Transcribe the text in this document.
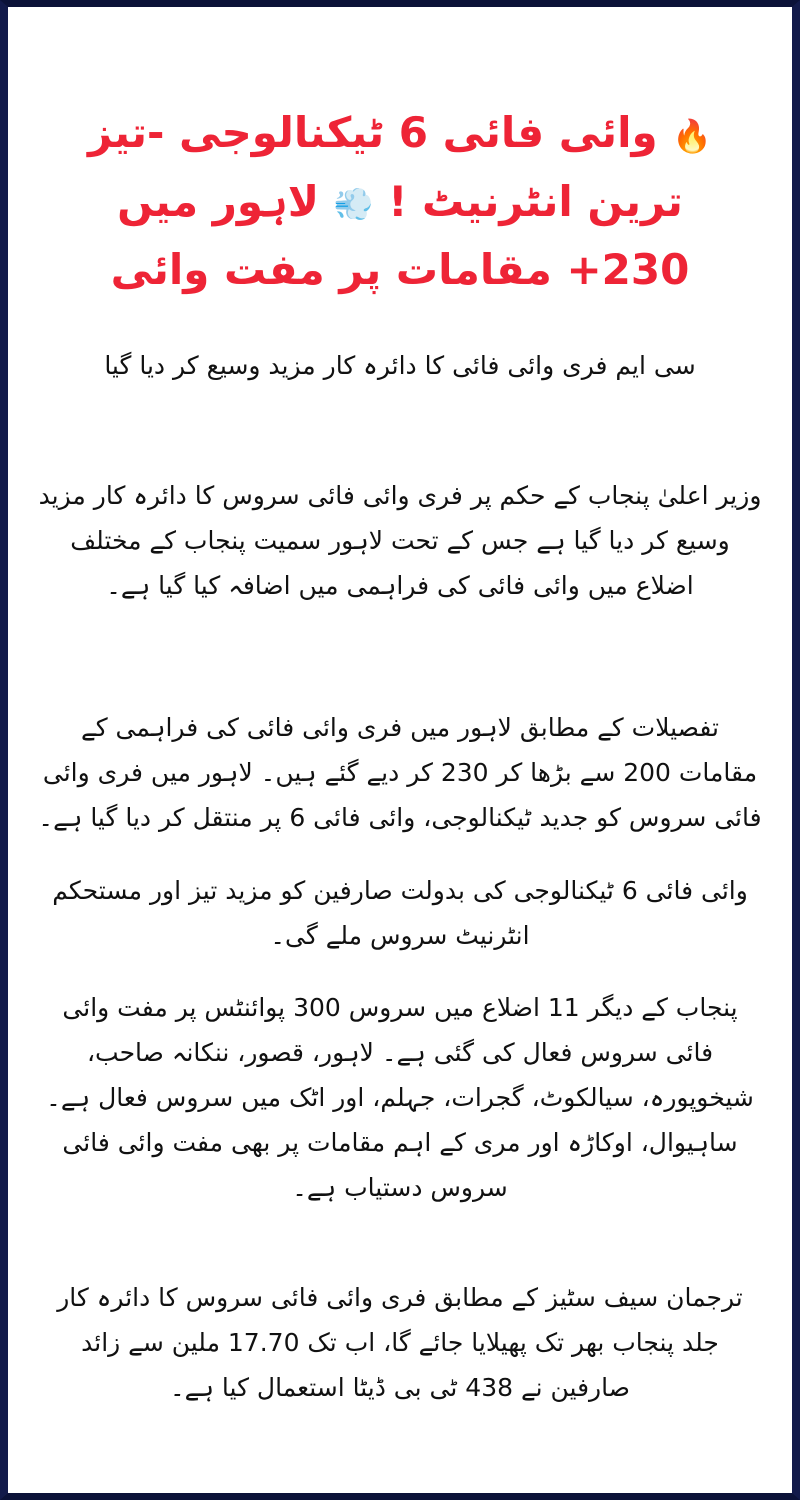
🔥 وائی فائی 6 ٹیکنالوجی -تیز ترین انٹرنیٹ ! 💨 لاہور میں 230+ مقامات پر مفت وائی

سی ایم فری وائی فائی کا دائرہ کار مزید وسیع کر دیا گیا

وزیر اعلیٰ پنجاب کے حکم پر فری وائی فائی سروس کا دائرہ کار مزید وسیع کر دیا گیا ہے جس کے تحت لاہور سمیت پنجاب کے مختلف اضلاع میں وائی فائی کی فراہمی میں اضافہ کیا گیا ہے۔

تفصیلات کے مطابق لاہور میں فری وائی فائی کی فراہمی کے مقامات 200 سے بڑھا کر 230 کر دیے گئے ہیں۔ لاہور میں فری وائی فائی سروس کو جدید ٹیکنالوجی، وائی فائی 6 پر منتقل کر دیا گیا ہے۔

وائی فائی 6 ٹیکنالوجی کی بدولت صارفین کو مزید تیز اور مستحکم انٹرنیٹ سروس ملے گی۔

پنجاب کے دیگر 11 اضلاع میں سروس 300 پوائنٹس پر مفت وائی فائی سروس فعال کی گئی ہے۔ لاہور، قصور، ننکانہ صاحب، شیخوپورہ، سیالکوٹ، گجرات، جہلم، اور اٹک میں سروس فعال ہے۔ ساہیوال، اوکاڑہ اور مری کے اہم مقامات پر بھی مفت وائی فائی سروس دستیاب ہے۔

ترجمان سیف سٹیز کے مطابق فری وائی فائی سروس کا دائرہ کار جلد پنجاب بھر تک پھیلایا جائے گا، اب تک 17.70 ملین سے زائد صارفین نے 438 ٹی بی ڈیٹا استعمال کیا ہے۔
